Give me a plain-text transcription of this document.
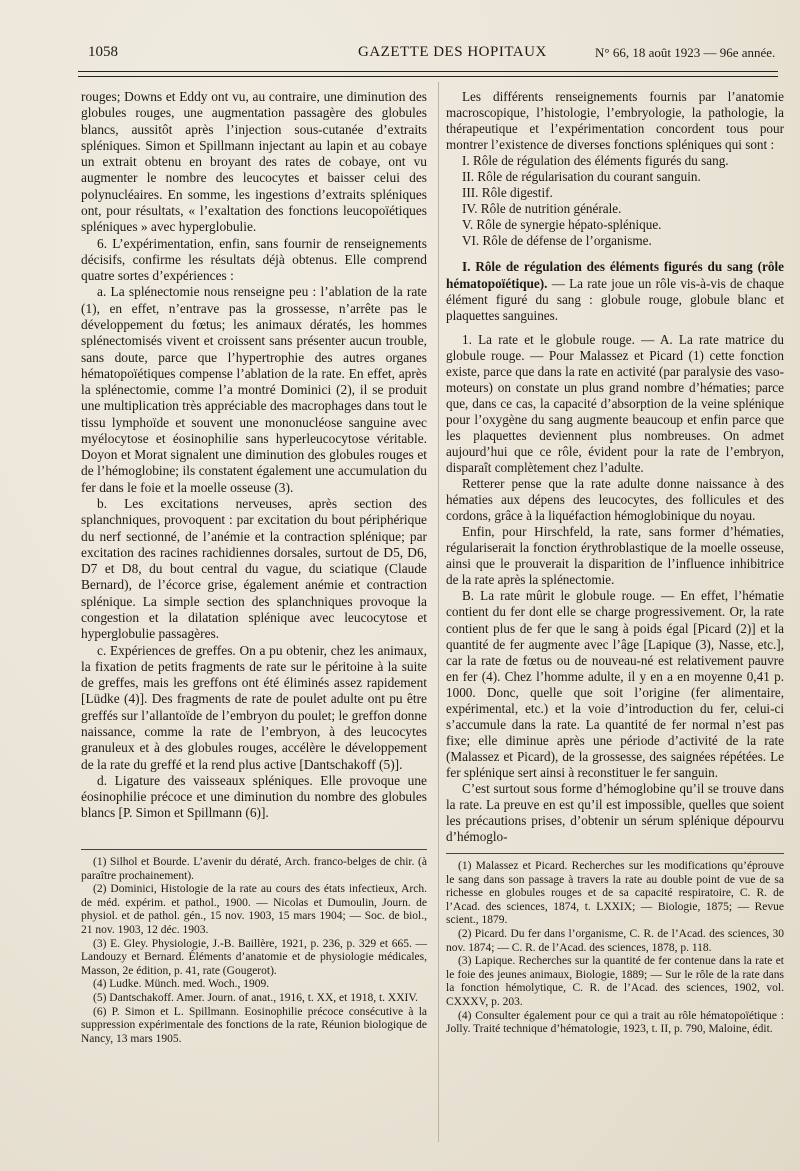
1058	GAZETTE DES HOPITAUX	N° 66, 18 août 1923 — 96e année.

rouges; Downs et Eddy ont vu, au contraire, une diminution des globules rouges, une augmentation passagère des globules blancs, aussitôt après l’injection sous-cutanée d’extraits spléniques. Simon et Spillmann injectant au lapin et au cobaye un extrait obtenu en broyant des rates de cobaye, ont vu augmenter le nombre des leucocytes et baisser celui des polynucléaires. En somme, les ingestions d’extraits spléniques ont, pour résultats, « l’exaltation des fonctions leucopoïétiques spléniques » avec hyperglobulie.

6. L’expérimentation, enfin, sans fournir de renseignements décisifs, confirme les résultats déjà obtenus. Elle comprend quatre sortes d’expériences :

a. La splénectomie nous renseigne peu : l’ablation de la rate (1), en effet, n’entrave pas la grossesse, n’arrête pas le développement du fœtus; les animaux dératés, les hommes splénectomisés vivent et croissent sans présenter aucun trouble, sans doute, parce que l’hypertrophie des autres organes hématopoïétiques compense l’ablation de la rate. En effet, après la splénectomie, comme l’a montré Dominici (2), il se produit une multiplication très appréciable des macrophages dans tout le tissu lymphoïde et souvent une mononucléose sanguine avec myélocytose et éosinophilie sans hyperleucocytose véritable. Doyon et Morat signalent une diminution des globules rouges et de l’hémoglobine; ils constatent également une accumulation du fer dans le foie et la moelle osseuse (3).

b. Les excitations nerveuses, après section des splanchniques, provoquent : par excitation du bout périphérique du nerf sectionné, de l’anémie et la contraction splénique; par excitation des racines rachidiennes dorsales, surtout de D5, D6, D7 et D8, du bout central du vague, du sciatique (Claude Bernard), de l’écorce grise, également anémie et contraction splénique. La simple section des splanchniques provoque la congestion et la dilatation splénique avec leucocytose et hyperglobulie passagères.

c. Expériences de greffes. On a pu obtenir, chez les animaux, la fixation de petits fragments de rate sur le péritoine à la suite de greffes, mais les greffons ont été éliminés assez rapidement [Lüdke (4)]. Des fragments de rate de poulet adulte ont pu être greffés sur l’allantoïde de l’embryon du poulet; le greffon donne naissance, comme la rate de l’embryon, à des leucocytes granuleux et à des globules rouges, accélère le développement de la rate du greffé et la rend plus active [Dantschakoff (5)].

d. Ligature des vaisseaux spléniques. Elle provoque une éosinophilie précoce et une diminution du nombre des globules blancs [P. Simon et Spillmann (6)].

Les différents renseignements fournis par l’anatomie macroscopique, l’histologie, l’embryologie, la pathologie, la thérapeutique et l’expérimentation concordent tous pour montrer l’existence de diverses fonctions spléniques qui sont :

I. Rôle de régulation des éléments figurés du sang.
II. Rôle de régularisation du courant sanguin.
III. Rôle digestif.
IV. Rôle de nutrition générale.
V. Rôle de synergie hépato-splénique.
VI. Rôle de défense de l’organisme.

I. Rôle de régulation des éléments figurés du sang (rôle hématopoïétique). — La rate joue un rôle vis-à-vis de chaque élément figuré du sang : globule rouge, globule blanc et plaquettes sanguines.

1. La rate et le globule rouge. — A. La rate matrice du globule rouge. — Pour Malassez et Picard (1) cette fonction existe, parce que dans la rate en activité (par paralysie des vaso-moteurs) on constate un plus grand nombre d’hématies; parce que, dans ce cas, la capacité d’absorption de la veine splénique pour l’oxygène du sang augmente beaucoup et enfin parce que les plaquettes deviennent plus nombreuses. On admet aujourd’hui que ce rôle, évident pour la rate de l’embryon, disparaît complètement chez l’adulte.

Retterer pense que la rate adulte donne naissance à des hématies aux dépens des leucocytes, des follicules et des cordons, grâce à la liquéfaction hémoglobinique du noyau.

Enfin, pour Hirschfeld, la rate, sans former d’hématies, régulariserait la fonction érythroblastique de la moelle osseuse, ainsi que le prouverait la disparition de l’influence inhibitrice de la rate après la splénectomie.

B. La rate mûrit le globule rouge. — En effet, l’hématie contient du fer dont elle se charge progressivement. Or, la rate contient plus de fer que le sang à poids égal [Picard (2)] et la quantité de fer augmente avec l’âge [Lapique (3), Nasse, etc.], car la rate de fœtus ou de nouveau-né est relativement pauvre en fer (4). Chez l’homme adulte, il y en a en moyenne 0,41 p. 1000. Donc, quelle que soit l’origine (fer alimentaire, expérimental, etc.) et la voie d’introduction du fer, celui-ci s’accumule dans la rate. La quantité de fer normal n’est pas fixe; elle diminue après une période d’activité de la rate (Malassez et Picard), de la grossesse, des saignées répétées. Le fer splénique sert ainsi à reconstituer le fer sanguin.

C’est surtout sous forme d’hémoglobine qu’il se trouve dans la rate. La preuve en est qu’il est impossible, quelles que soient les précautions prises, d’obtenir un sérum splénique dépourvu d’hémoglo-

(1) Silhol et Bourde. L’avenir du dératé, Arch. franco-belges de chir. (à paraître prochainement).
(2) Dominici, Histologie de la rate au cours des états infectieux, Arch. de méd. expérim. et pathol., 1900. — Nicolas et Dumoulin, Journ. de physiol. et de pathol. gén., 15 nov. 1903, 15 mars 1904; — Soc. de biol., 21 nov. 1903, 12 déc. 1903.
(3) E. Gley. Physiologie, J.-B. Baillère, 1921, p. 236, p. 329 et 665. — Landouzy et Bernard. Éléments d’anatomie et de physiologie médicales, Masson, 2e édition, p. 41, rate (Gougerot).
(4) Ludke. Münch. med. Woch., 1909.
(5) Dantschakoff. Amer. Journ. of anat., 1916, t. XX, et 1918, t. XXIV.
(6) P. Simon et L. Spillmann. Eosinophilie précoce consécutive à la suppression expérimentale des fonctions de la rate, Réunion biologique de Nancy, 13 mars 1905.
(1) Malassez et Picard. Recherches sur les modifications qu’éprouve le sang dans son passage à travers la rate au double point de vue de sa richesse en globules rouges et de sa capacité respiratoire, C. R. de l’Acad. des sciences, 1874, t. LXXIX; — Biologie, 1875; — Revue scient., 1879.
(2) Picard. Du fer dans l’organisme, C. R. de l’Acad. des sciences, 30 nov. 1874; — C. R. de l’Acad. des sciences, 1878, p. 118.
(3) Lapique. Recherches sur la quantité de fer contenue dans la rate et le foie des jeunes animaux, Biologie, 1889; — Sur le rôle de la rate dans la fonction hémolytique, C. R. de l’Acad. des sciences, 1902, vol. CXXXV, p. 203.
(4) Consulter également pour ce qui a trait au rôle hématopoïétique : Jolly. Traité technique d’hématologie, 1923, t. II, p. 790, Maloine, édit.
